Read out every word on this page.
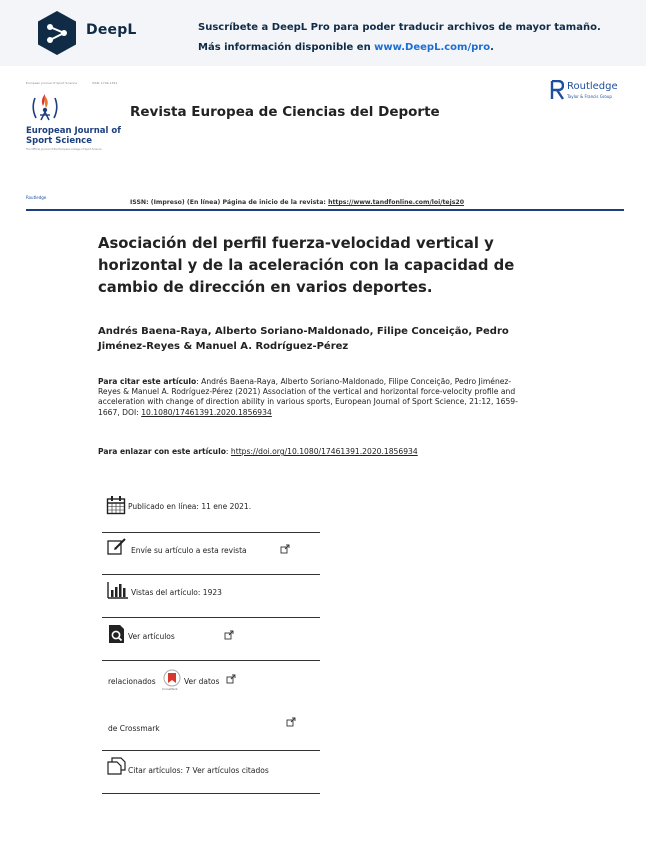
DeepL	Suscríbete a DeepL Pro para poder traducir archivos de mayor tamaño.
Más información disponible en www.DeepL.com/pro.
European Journal of Sport Science	ISSN: 1746-1391
European Journal of Sport Science
The Official Journal of the European College of Sport Science
Revista Europea de Ciencias del Deporte
Routledge
Taylor & Francis Group
Routledge
ISSN: (Impreso) (En línea) Página de inicio de la revista: https://www.tandfonline.com/loi/tejs20
Asociación del perfil fuerza-velocidad vertical y horizontal y de la aceleración con la capacidad de cambio de dirección en varios deportes.
Andrés Baena-Raya, Alberto Soriano-Maldonado, Filipe Conceição, Pedro Jiménez-Reyes & Manuel A. Rodríguez-Pérez
Para citar este artículo: Andrés Baena-Raya, Alberto Soriano-Maldonado, Filipe Conceição, Pedro Jiménez-Reyes & Manuel A. Rodríguez-Pérez (2021) Association of the vertical and horizontal force-velocity profile and acceleration with change of direction ability in various sports, European Journal of Sport Science, 21:12, 1659-1667, DOI: 10.1080/17461391.2020.1856934
Para enlazar con este artículo: https://doi.org/10.1080/17461391.2020.1856934
Publicado en línea: 11 ene 2021.
Envíe su artículo a esta revista
Vistas del artículo: 1923
Ver artículos
relacionados
CrossMark
Ver datos
de Crossmark
Citar artículos: 7 Ver artículos citados
